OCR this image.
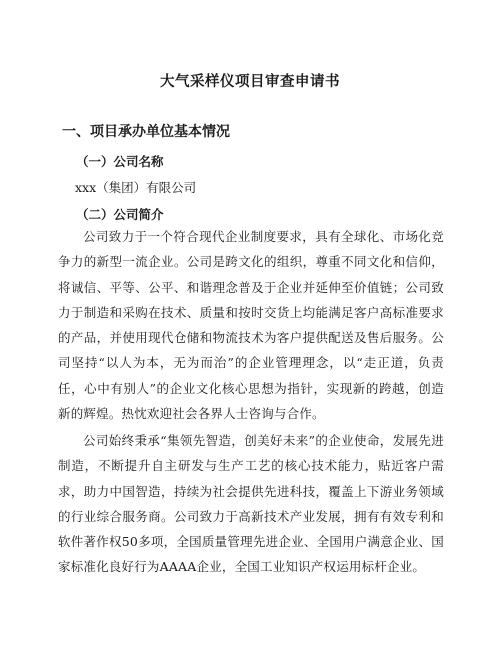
大气采样仪项目审查申请书
一、项目承办单位基本情况
（一）公司名称
xxx（集团）有限公司
（二）公司简介

公司致力于一个符合现代企业制度要求，具有全球化、市场化竞争力的新型一流企业。公司是跨文化的组织，尊重不同文化和信仰，将诚信、平等、公平、和谐理念普及于企业并延伸至价值链；公司致力于制造和采购在技术、质量和按时交货上均能满足客户高标准要求的产品，并使用现代仓储和物流技术为客户提供配送及售后服务。公司坚持“以人为本，无为而治”的企业管理理念，以“走正道，负责任，心中有别人”的企业文化核心思想为指针，实现新的跨越，创造新的辉煌。热忱欢迎社会各界人士咨询与合作。

公司始终秉承“集领先智造，创美好未来”的企业使命，发展先进制造，不断提升自主研发与生产工艺的核心技术能力，贴近客户需求，助力中国智造，持续为社会提供先进科技，覆盖上下游业务领域的行业综合服务商。公司致力于高新技术产业发展，拥有有效专利和软件著作权50多项，全国质量管理先进企业、全国用户满意企业、国家标准化良好行为AAAA企业，全国工业知识产权运用标杆企业。
